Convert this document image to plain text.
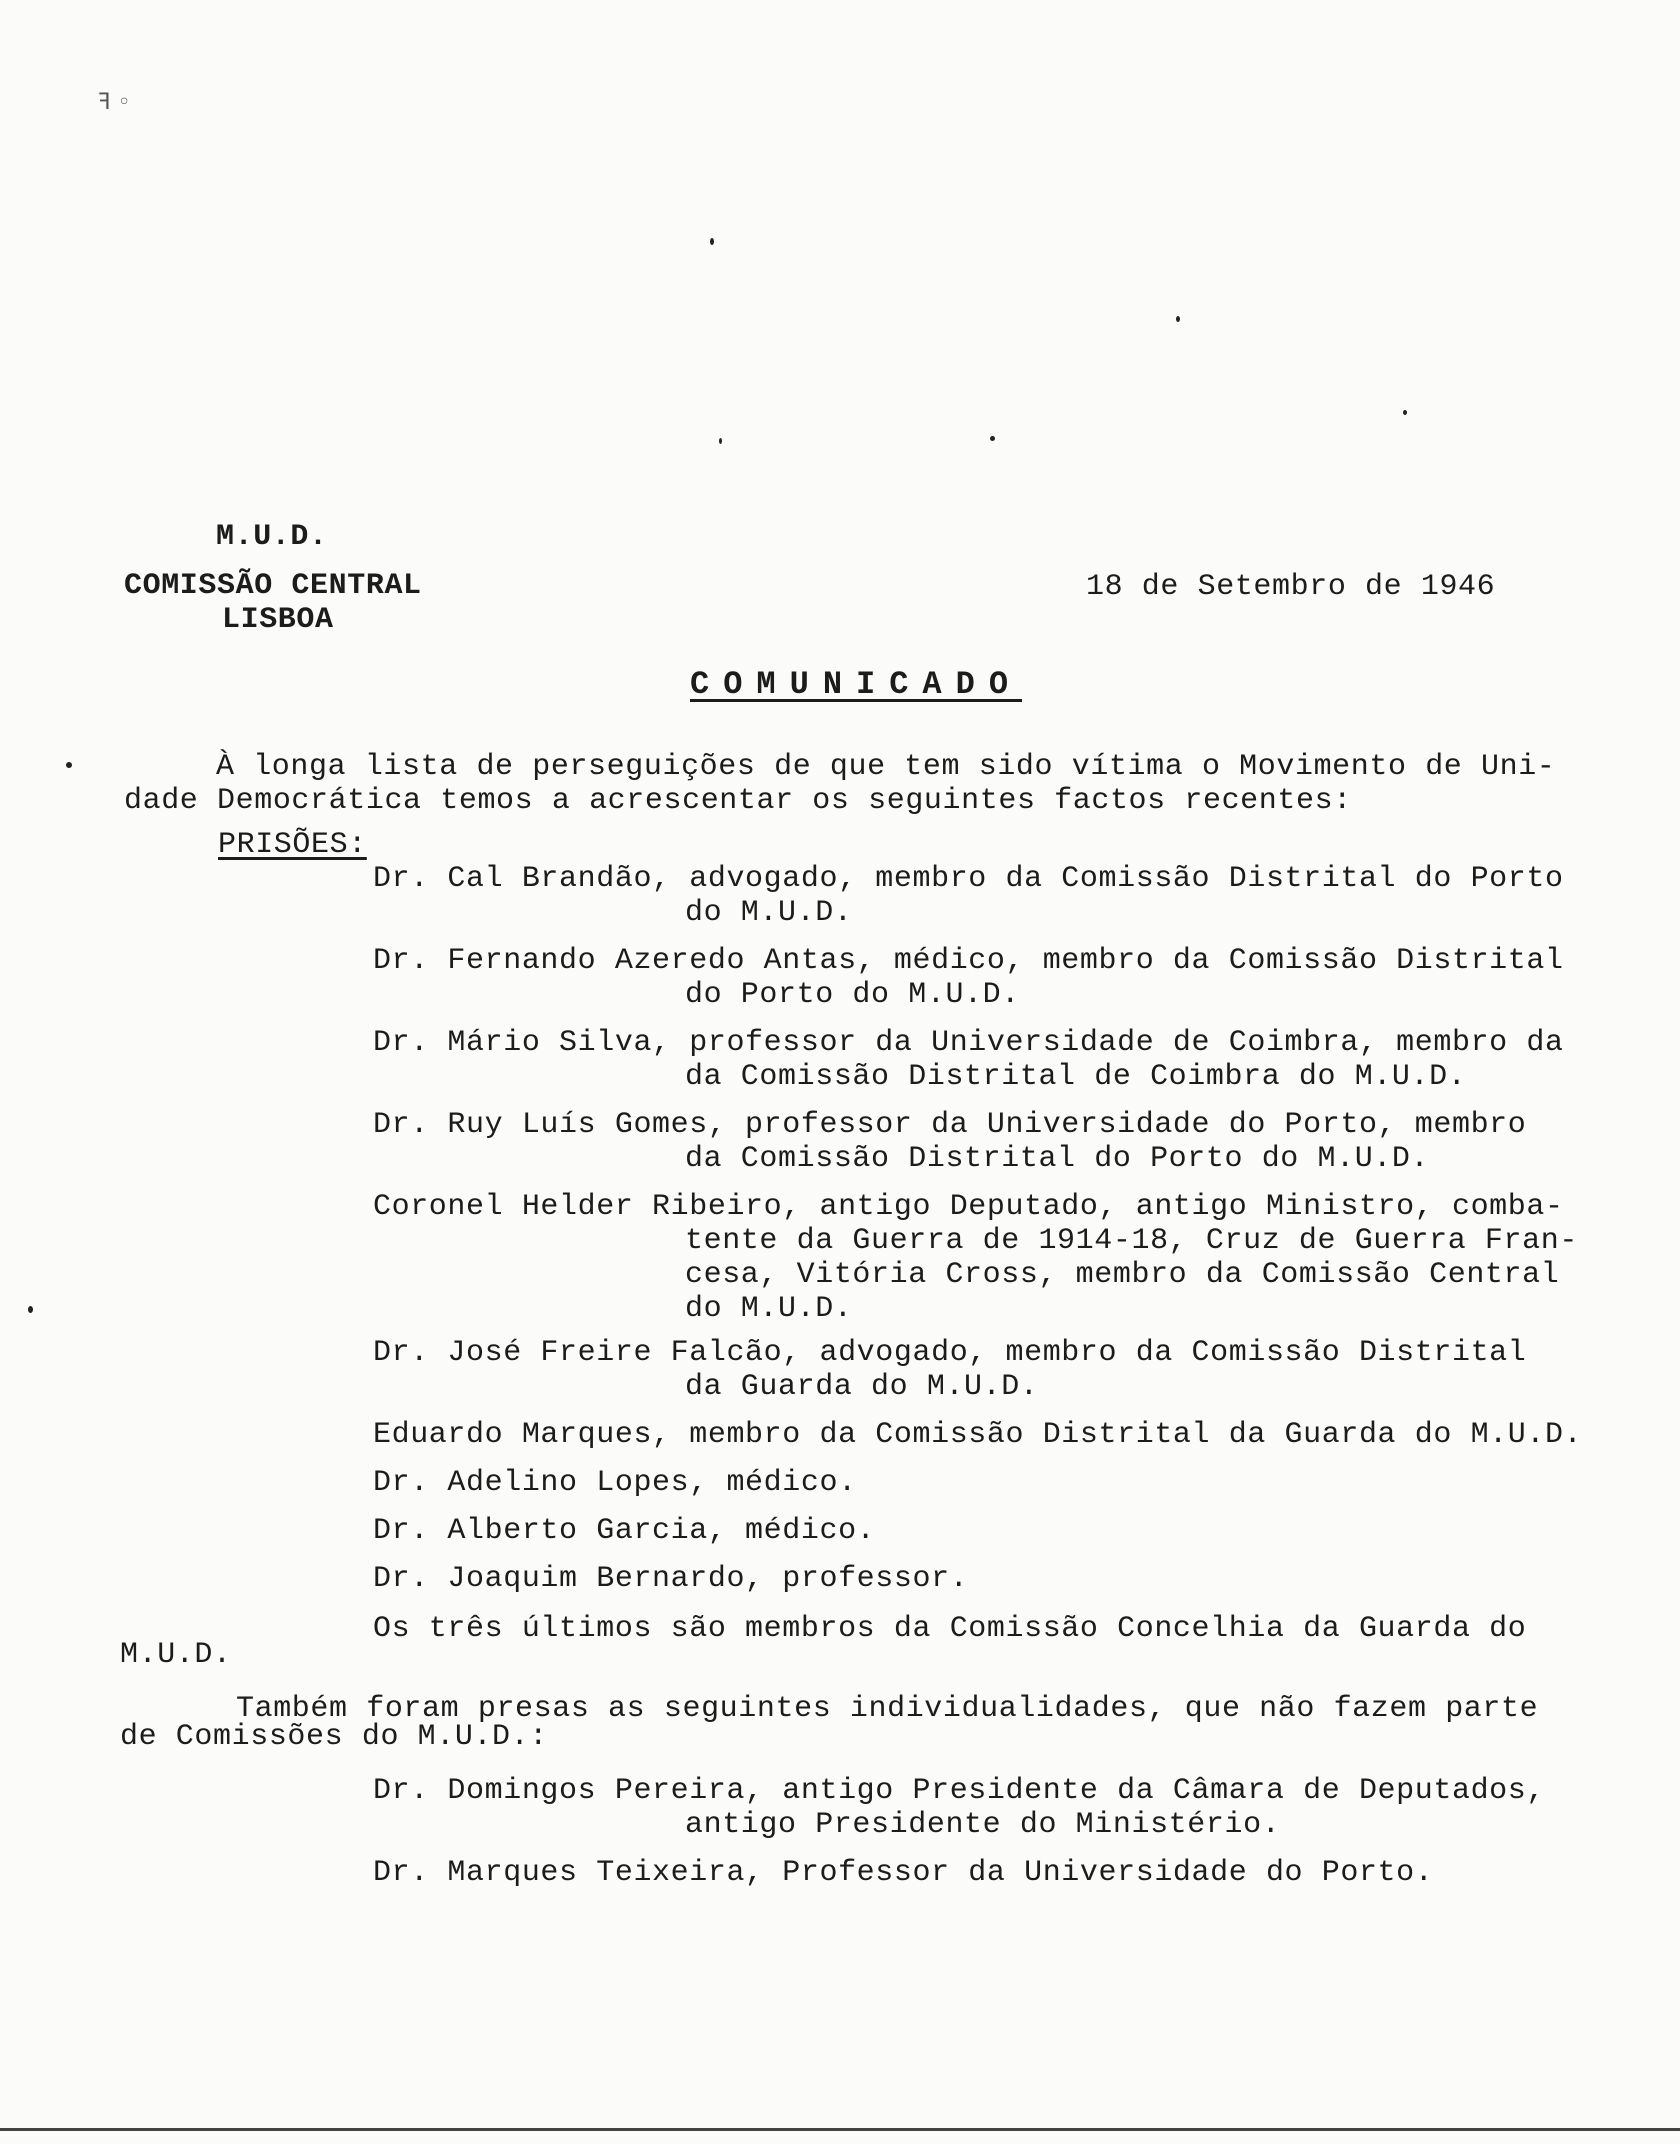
ꟻ ◦
M.U.D.
COMISSÃO CENTRAL
LISBOA
18 de Setembro de 1946
COMUNICADO
À longa lista de perseguições de que tem sido vítima o Movimento de Uni-
dade Democrática temos a acrescentar os seguintes factos recentes:
PRISÕES:
Dr. Cal Brandão, advogado, membro da Comissão Distrital do Porto
do M.U.D.
Dr. Fernando Azeredo Antas, médico, membro da Comissão Distrital
do Porto do M.U.D.
Dr. Mário Silva, professor da Universidade de Coimbra, membro da
da Comissão Distrital de Coimbra do M.U.D.
Dr. Ruy Luís Gomes, professor da Universidade do Porto, membro
da Comissão Distrital do Porto do M.U.D.
Coronel Helder Ribeiro, antigo Deputado, antigo Ministro, comba-
tente da Guerra de 1914-18, Cruz de Guerra Fran-
cesa, Vitória Cross, membro da Comissão Central
do M.U.D.
Dr. José Freire Falcão, advogado, membro da Comissão Distrital
da Guarda do M.U.D.
Eduardo Marques, membro da Comissão Distrital da Guarda do M.U.D.
Dr. Adelino Lopes, médico.
Dr. Alberto Garcia, médico.
Dr. Joaquim Bernardo, professor.
Os três últimos são membros da Comissão Concelhia da Guarda do
M.U.D.
Também foram presas as seguintes individualidades, que não fazem parte
de Comissões do M.U.D.:
Dr. Domingos Pereira, antigo Presidente da Câmara de Deputados,
antigo Presidente do Ministério.
Dr. Marques Teixeira, Professor da Universidade do Porto.
